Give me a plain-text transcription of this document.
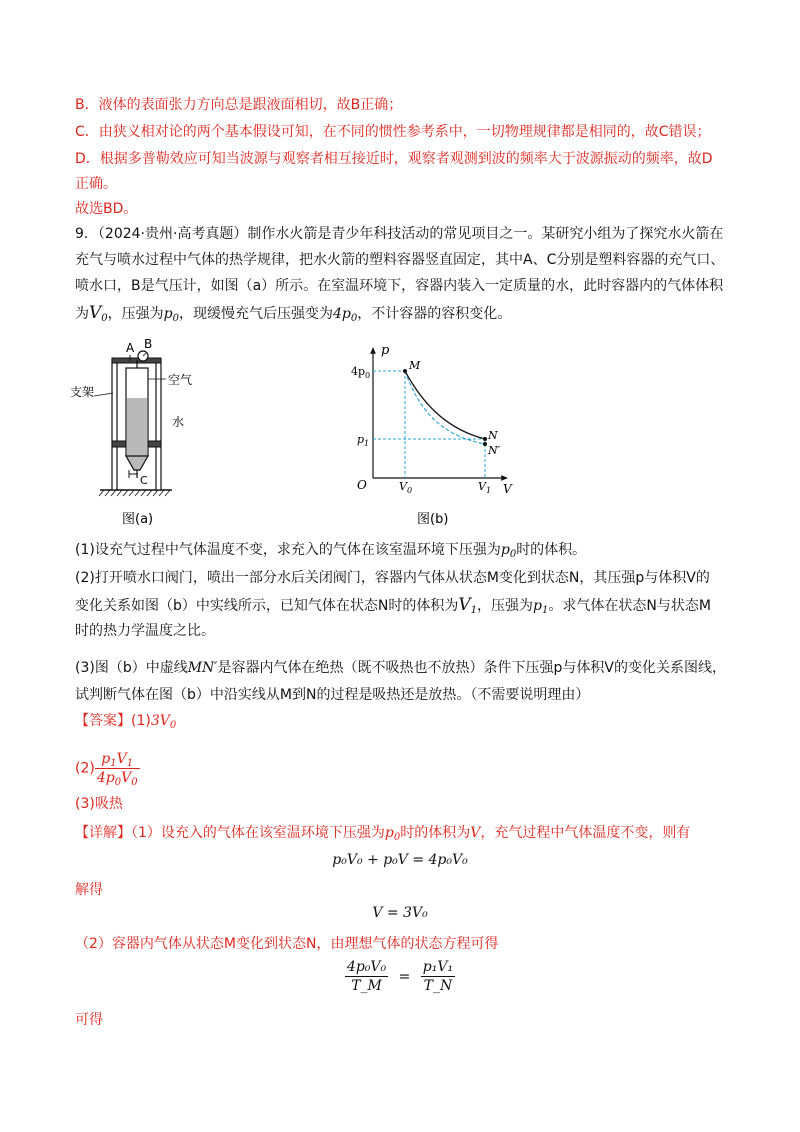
B．液体的表面张力方向总是跟液面相切，故B正确；
C．由狭义相对论的两个基本假设可知，在不同的惯性参考系中，一切物理规律都是相同的，故C错误；
D．根据多普勒效应可知当波源与观察者相互接近时，观察者观测到波的频率大于波源振动的频率，故D
正确。
故选BD。
9．（2024·贵州·高考真题）制作水火箭是青少年科技活动的常见项目之一。某研究小组为了探究水火箭在
充气与喷水过程中气体的热学规律，把水火箭的塑料容器竖直固定，其中A、C分别是塑料容器的充气口、
喷水口，B是气压计，如图（a）所示。在室温环境下，容器内装入一定质量的水，此时容器内的气体体积
为$V_0$，压强为$p_0$，现缓慢充气后压强变为$4p_0$，不计容器的容积变化。
A B
C
支架
空气
水
图(a)
p
V
O
M
N
N′
$4p_0$
$p_1$
$V_0$	$V_1$
图(b)
(1)设充气过程中气体温度不变，求充入的气体在该室温环境下压强为$p_0$时的体积。
(2)打开喷水口阀门，喷出一部分水后关闭阀门，容器内气体从状态M变化到状态N，其压强p与体积V的
变化关系如图（b）中实线所示，已知气体在状态N时的体积为$V_1$，压强为$p_1$。求气体在状态N与状态M
时的热力学温度之比。
(3)图（b）中虚线MN′是容器内气体在绝热（既不吸热也不放热）条件下压强p与体积V的变化关系图线，
试判断气体在图（b）中沿实线从M到N的过程是吸热还是放热。（不需要说明理由）
【答案】$(1)3V_0$
$(2) \frac{p_1V_1}{4p_0V_0}$
(3)吸热
【详解】（1）设充入的气体在该室温环境下压强为$p_0$时的体积为V，充气过程中气体温度不变，则有
p₀V₀ + p₀V = 4p₀V₀
解得
V = 3V₀
（2）容器内气体从状态M变化到状态N，由理想气体的状态方程可得
$\frac{\text{4p₀V₀}}{T\_M} = \frac{\text{p₁V₁}}{T\_N}$
可得
